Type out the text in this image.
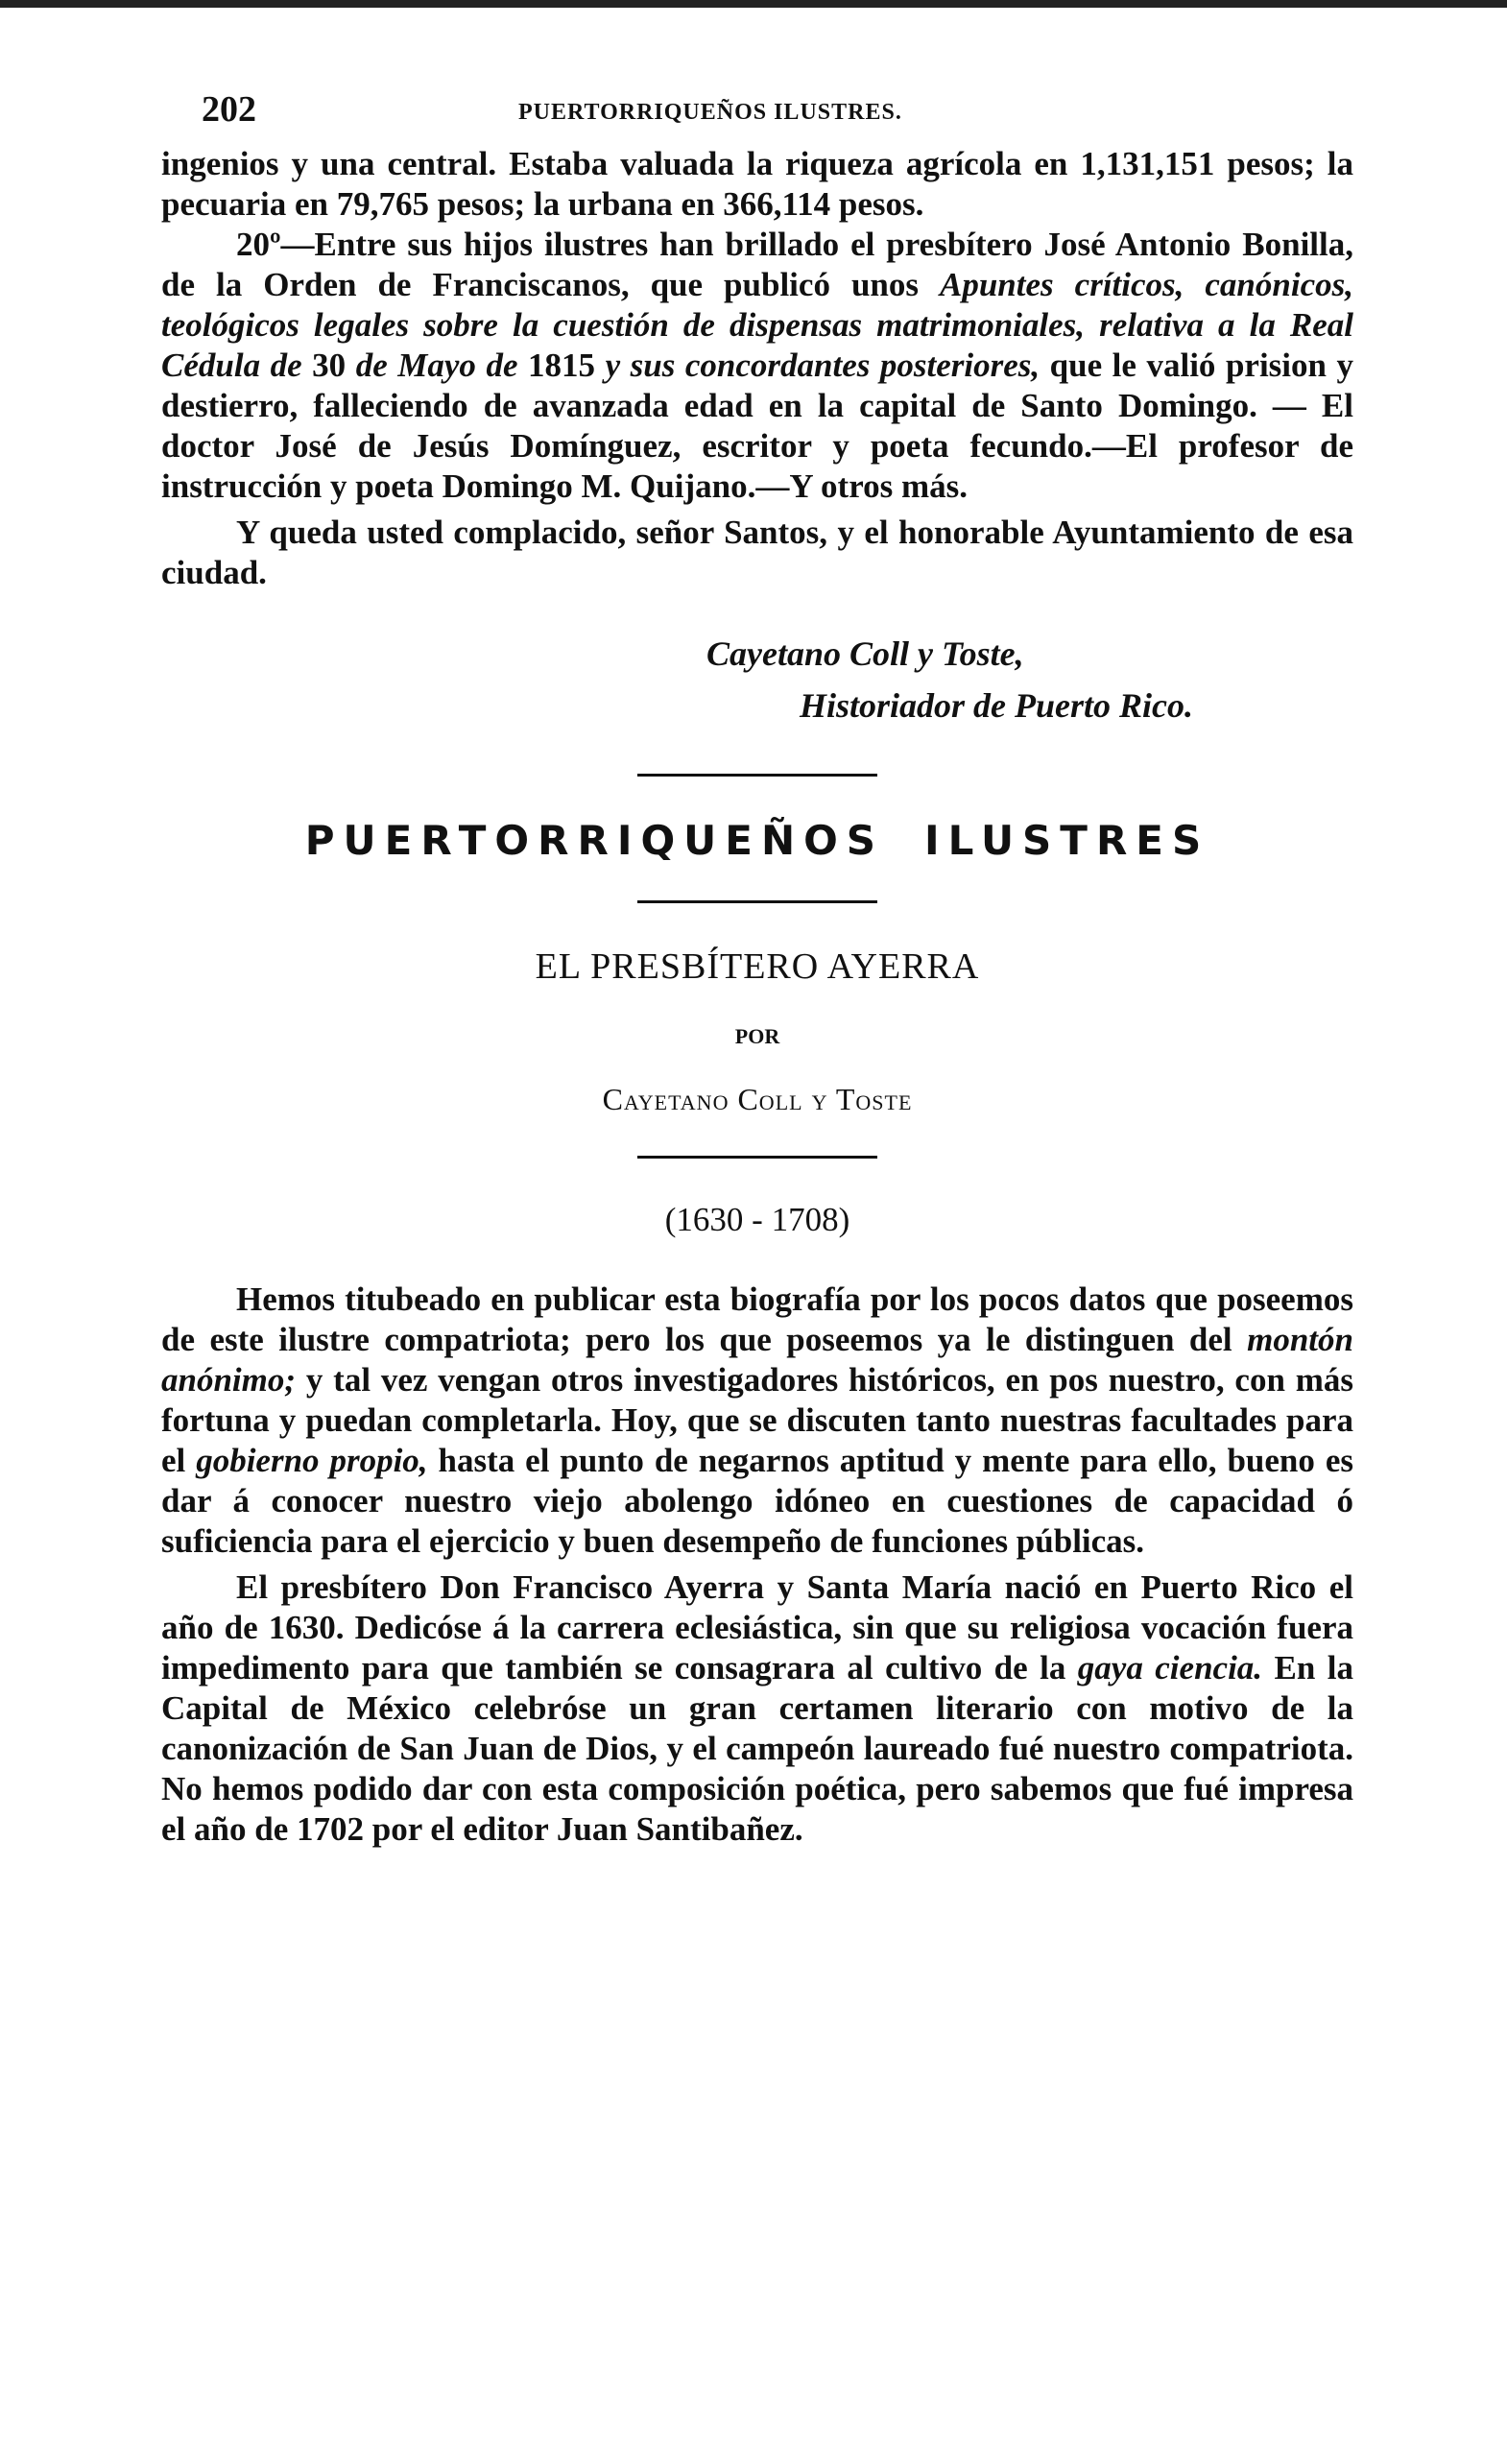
202	PUERTORRIQUEÑOS ILUSTRES.

ingenios y una central. Estaba valuada la riqueza agrícola en 1,131,151 pesos; la pecuaria en 79,765 pesos; la urbana en 366,114 pesos.

20º—Entre sus hijos ilustres han brillado el presbítero José Antonio Bonilla, de la Orden de Franciscanos, que publicó unos Apuntes críticos, canónicos, teológicos legales sobre la cuestión de dispensas matrimoniales, relativa a la Real Cédula de 30 de Mayo de 1815 y sus concordantes posteriores, que le valió prision y destierro, falleciendo de avanzada edad en la capital de Santo Domingo. — El doctor José de Jesús Domínguez, escritor y poeta fecundo.—El profesor de instrucción y poeta Domingo M. Quijano.—Y otros más.

Y queda usted complacido, señor Santos, y el honorable Ayuntamiento de esa ciudad.

Cayetano Coll y Toste,
Historiador de Puerto Rico.
PUERTORRIQUEÑOS ILUSTRES
EL PRESBÍTERO AYERRA
POR
Cayetano Coll y Toste
(1630 - 1708)

Hemos titubeado en publicar esta biografía por los pocos datos que poseemos de este ilustre compatriota; pero los que poseemos ya le distinguen del montón anónimo; y tal vez vengan otros investigadores históricos, en pos nuestro, con más fortuna y puedan completarla. Hoy, que se discuten tanto nuestras facultades para el gobierno propio, hasta el punto de negarnos aptitud y mente para ello, bueno es dar á conocer nuestro viejo abolengo idóneo en cuestiones de capacidad ó suficiencia para el ejercicio y buen desempeño de funciones públicas.

El presbítero Don Francisco Ayerra y Santa María nació en Puerto Rico el año de 1630. Dedicóse á la carrera eclesiástica, sin que su religiosa vocación fuera impedimento para que también se consagrara al cultivo de la gaya ciencia. En la Capital de México celebróse un gran certamen literario con motivo de la canonización de San Juan de Dios, y el campeón laureado fué nuestro compatriota. No hemos podido dar con esta composición poética, pero sabemos que fué impresa el año de 1702 por el editor Juan Santibañez.
